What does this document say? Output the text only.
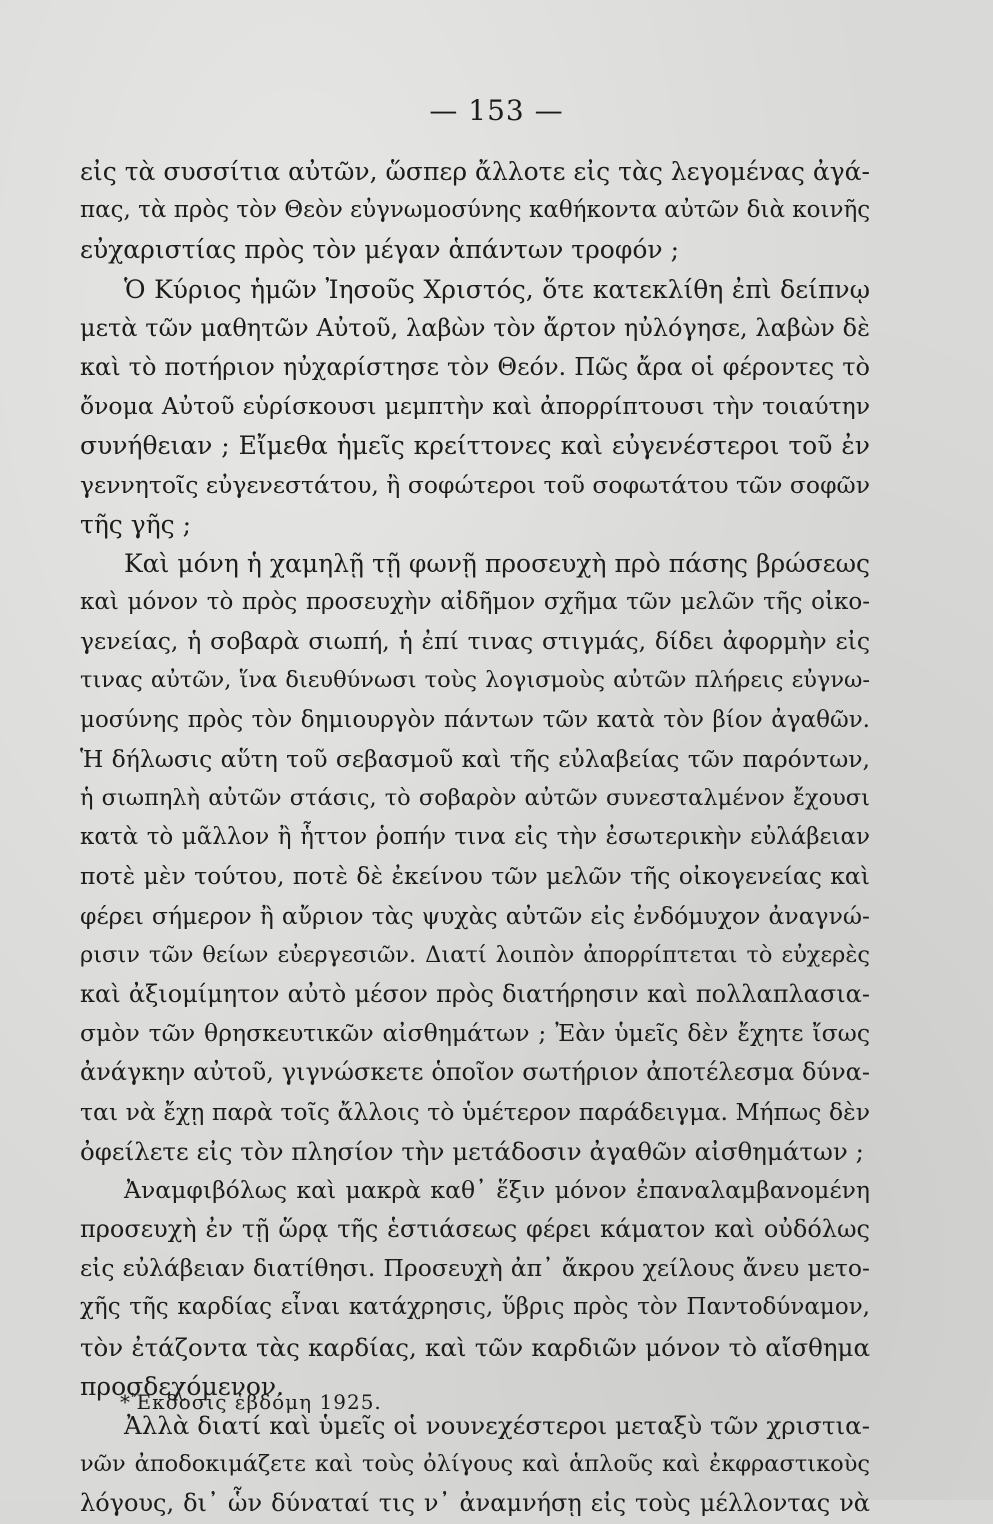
— 153 —
εἰς τὰ συσσίτια αὐτῶν, ὥσπερ ἄλλοτε εἰς τὰς λεγομένας ἀγά-
πας, τὰ πρὸς τὸν Θεὸν εὐγνωμοσύνης καθήκοντα αὐτῶν διὰ κοινῆς
εὐχαριστίας πρὸς τὸν μέγαν ἁπάντων τροφόν ;
Ὁ Κύριος ἡμῶν Ἰησοῦς Χριστός, ὅτε κατεκλίθη ἐπὶ δείπνῳ
μετὰ τῶν μαθητῶν Αὐτοῦ, λαβὼν τὸν ἄρτον ηὐλόγησε, λαβὼν δὲ
καὶ τὸ ποτήριον ηὐχαρίστησε τὸν Θεόν. Πῶς ἄρα οἱ φέροντες τὸ
ὄνομα Αὐτοῦ εὑρίσκουσι μεμπτὴν καὶ ἀπορρίπτουσι τὴν τοιαύτην
συνήθειαν ; Εἴμεθα ἡμεῖς κρείττονες καὶ εὐγενέστεροι τοῦ ἐν
γεννητοῖς εὐγενεστάτου, ἢ σοφώτεροι τοῦ σοφωτάτου τῶν σοφῶν
τῆς γῆς ;
Καὶ μόνη ἡ χαμηλῇ τῇ φωνῇ προσευχὴ πρὸ πάσης βρώσεως
καὶ μόνον τὸ πρὸς προσευχὴν αἰδῆμον σχῆμα τῶν μελῶν τῆς οἰκο-
γενείας, ἡ σοβαρὰ σιωπή, ἡ ἐπί τινας στιγμάς, δίδει ἀφορμὴν εἰς
τινας αὐτῶν, ἵνα διευθύνωσι τοὺς λογισμοὺς αὐτῶν πλήρεις εὐγνω-
μοσύνης πρὸς τὸν δημιουργὸν πάντων τῶν κατὰ τὸν βίον ἀγαθῶν.
Ἡ δήλωσις αὕτη τοῦ σεβασμοῦ καὶ τῆς εὐλαβείας τῶν παρόντων,
ἡ σιωπηλὴ αὐτῶν στάσις, τὸ σοβαρὸν αὐτῶν συνεσταλμένον ἔχουσι
κατὰ τὸ μᾶλλον ἢ ἧττον ῥοπήν τινα εἰς τὴν ἐσωτερικὴν εὐλάβειαν
ποτὲ μὲν τούτου, ποτὲ δὲ ἐκείνου τῶν μελῶν τῆς οἰκογενείας καὶ
φέρει σήμερον ἢ αὔριον τὰς ψυχὰς αὐτῶν εἰς ἐνδόμυχον ἀναγνώ-
ρισιν τῶν θείων εὐεργεσιῶν. Διατί λοιπὸν ἀπορρίπτεται τὸ εὐχερὲς
καὶ ἀξιομίμητον αὐτὸ μέσον πρὸς διατήρησιν καὶ πολλαπλασια-
σμὸν τῶν θρησκευτικῶν αἰσθημάτων ; Ἐὰν ὑμεῖς δὲν ἔχητε ἴσως
ἀνάγκην αὐτοῦ, γιγνώσκετε ὁποῖον σωτήριον ἀποτέλεσμα δύνα-
ται νὰ ἔχῃ παρὰ τοῖς ἄλλοις τὸ ὑμέτερον παράδειγμα. Μήπως δὲν
ὀφείλετε εἰς τὸν πλησίον τὴν μετάδοσιν ἀγαθῶν αἰσθημάτων ;
Ἀναμφιβόλως καὶ μακρὰ καθ᾽ ἕξιν μόνον ἐπαναλαμβανομένη
προσευχὴ ἐν τῇ ὥρᾳ τῆς ἑστιάσεως φέρει κάματον καὶ οὐδόλως
εἰς εὐλάβειαν διατίθησι. Προσευχὴ ἀπ᾽ ἄκρου χείλους ἄνευ μετο-
χῆς τῆς καρδίας εἶναι κατάχρησις, ὕβρις πρὸς τὸν Παντοδύναμον,
τὸν ἐτάζοντα τὰς καρδίας, καὶ τῶν καρδιῶν μόνον τὸ αἴσθημα
προσδεχόμενον.
Ἀλλὰ διατί καὶ ὑμεῖς οἱ νουνεχέστεροι μεταξὺ τῶν χριστια-
νῶν ἀποδοκιμάζετε καὶ τοὺς ὀλίγους καὶ ἁπλοῦς καὶ ἐκφραστικοὺς
λόγους, δι᾽ ὧν δύναταί τις ν᾽ ἀναμνήσῃ εἰς τοὺς μέλλοντας νὰ
*Ἔκδοσις ἑβδόμη 1925.
